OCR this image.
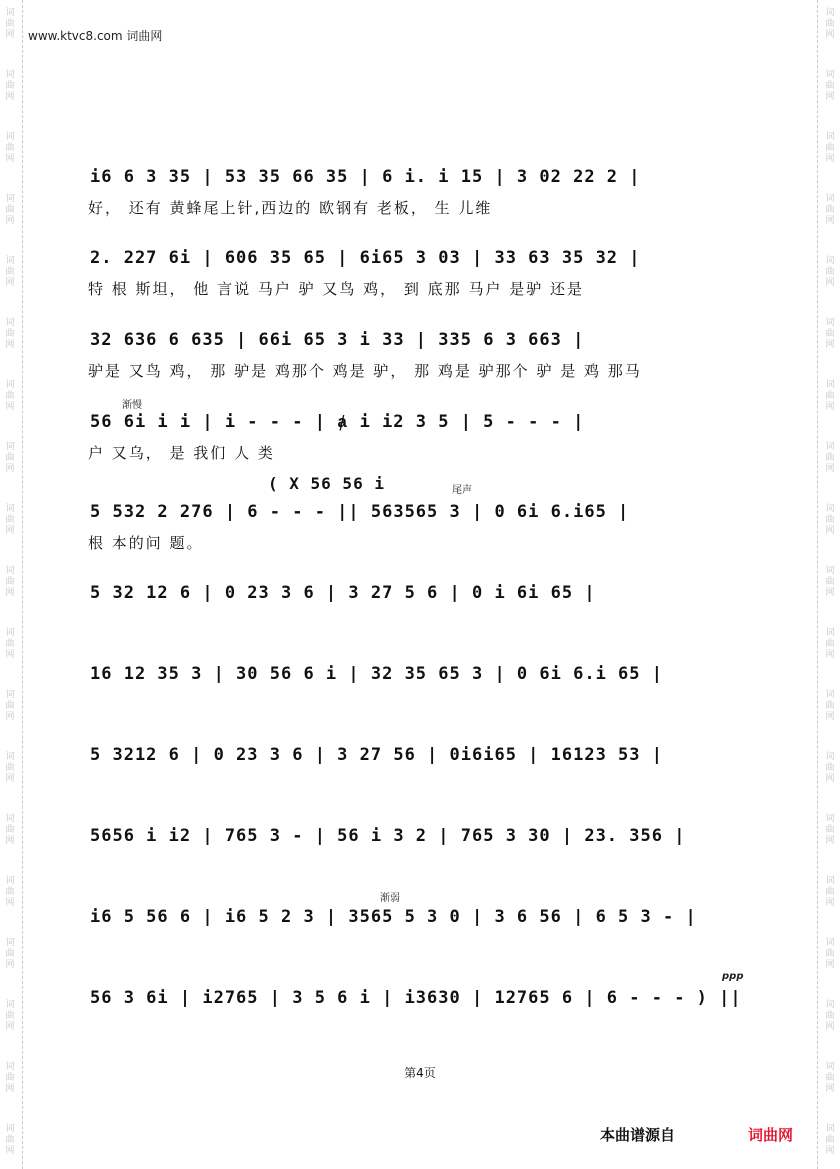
词
曲
网
词
曲
网
词
曲
网
词
曲
网
词
曲
网
词
曲
网
词
曲
网
词
曲
网
词
曲
网
词
曲
网
词
曲
网
词
曲
网
词
曲
网
词
曲
网
词
曲
网
词
曲
网
词
曲
网
词
曲
网
词
曲
网
词
曲
网
词
曲
网
词
曲
网
词
曲
网
词
曲
网
词
曲
网
词
曲
网
词
曲
网
词
曲
网
词
曲
网
词
曲
网
词
曲
网
词
曲
网
词
曲
网
词
曲
网
词
曲
网
词
曲
网
词
曲
网
词
曲
网
www.ktvc8.com 词曲网
i6 6 3 35 | 53 35 66 35 | 6 i. i 15 | 3 02 22 2 |
好， 还有 黄蜂尾上针,西边的 欧钢有 老板， 生 儿维
2. 227 6i | 606 35 65 | 6i65 3 03 | 33 63 35 32 |
特 根 斯坦， 他 言说 马户 驴 又鸟 鸡， 到 底那 马户 是驴 还是
32 636 6 635 | 66i 65 3 i 33 | 335 6 3 663 |
驴是 又鸟 鸡， 那 驴是 鸡那个 鸡是 驴， 那 鸡是 驴那个 驴 是 鸡 那马
渐慢
56 6i i i | i - - - | ⱥ i i2 3 5 | 5 - - - |
户 又乌， 是 我们 人 类
( X 56 56 i	尾声
5 532 2 276 | 6 - - - || 563565 3 | 0 6i 6.i65 |
根 本的问 题。
5 32 12 6 | 0 23 3 6 | 3 27 5 6 | 0 i 6i 65 |
16 12 35 3 | 30 56 6 i | 32 35 65 3 | 0 6i 6.i 65 |
5 3212 6 | 0 23 3 6 | 3 27 56 | 0i6i65 | 16123 53 |
5656 i i2 | 765 3 - | 56 i 3 2 | 765 3 30 | 23. 356 |
渐弱
i6 5 56 6 | i6 5 2 3 | 3565 5 3 0 | 3 6 56 | 6 5 3 - |
ppp
56 3 6i | i2765 | 3 5 6 i | i3630 | 12765 6 | 6 - - - ) ||
第4页
本曲谱源自	词曲网
